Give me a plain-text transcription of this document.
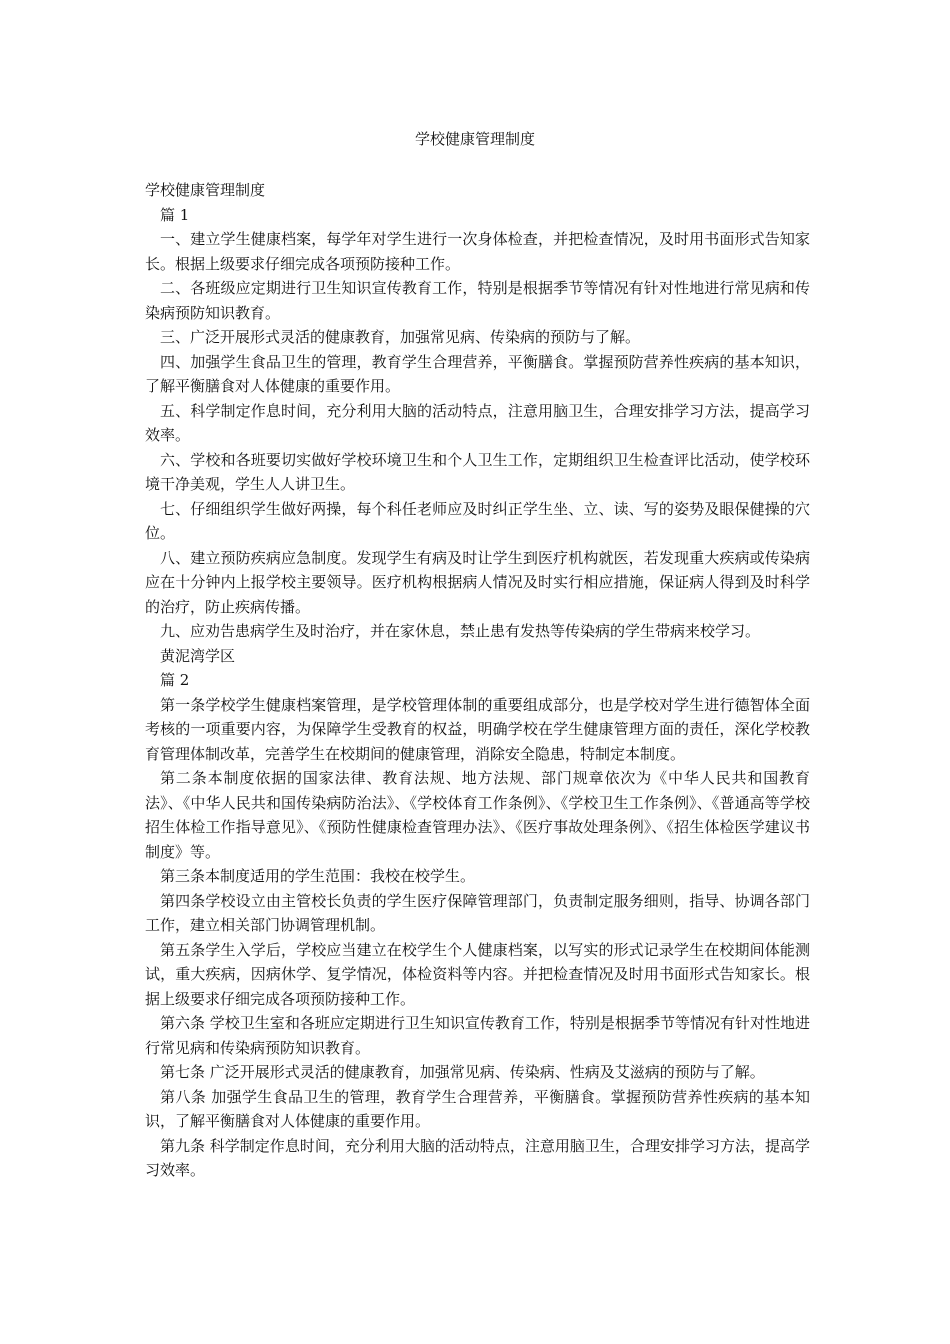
学校健康管理制度

学校健康管理制度

篇 1

一、建立学生健康档案，每学年对学生进行一次身体检查，并把检查情况，及时用书面形式告知家长。根据上级要求仔细完成各项预防接种工作。

二、各班级应定期进行卫生知识宣传教育工作，特别是根据季节等情况有针对性地进行常见病和传染病预防知识教育。

三、广泛开展形式灵活的健康教育，加强常见病、传染病的预防与了解。

四、加强学生食品卫生的管理，教育学生合理营养，平衡膳食。掌握预防营养性疾病的基本知识，了解平衡膳食对人体健康的重要作用。

五、科学制定作息时间，充分利用大脑的活动特点，注意用脑卫生，合理安排学习方法，提高学习效率。

六、学校和各班要切实做好学校环境卫生和个人卫生工作，定期组织卫生检查评比活动，使学校环境干净美观，学生人人讲卫生。

七、仔细组织学生做好两操，每个科任老师应及时纠正学生坐、立、读、写的姿势及眼保健操的穴位。

八、建立预防疾病应急制度。发现学生有病及时让学生到医疗机构就医，若发现重大疾病或传染病应在十分钟内上报学校主要领导。医疗机构根据病人情况及时实行相应措施，保证病人得到及时科学的治疗，防止疾病传播。

九、应劝告患病学生及时治疗，并在家休息，禁止患有发热等传染病的学生带病来校学习。

黄泥湾学区

篇 2

第一条学校学生健康档案管理，是学校管理体制的重要组成部分，也是学校对学生进行德智体全面考核的一项重要内容，为保障学生受教育的权益，明确学校在学生健康管理方面的责任，深化学校教育管理体制改革，完善学生在校期间的健康管理，消除安全隐患，特制定本制度。

第二条本制度依据的国家法律、教育法规、地方法规、部门规章依次为《中华人民共和国教育法》、《中华人民共和国传染病防治法》、《学校体育工作条例》、《学校卫生工作条例》、《普通高等学校招生体检工作指导意见》、《预防性健康检查管理办法》、《医疗事故处理条例》、《招生体检医学建议书制度》等。

第三条本制度适用的学生范围：我校在校学生。

第四条学校设立由主管校长负责的学生医疗保障管理部门，负责制定服务细则，指导、协调各部门工作，建立相关部门协调管理机制。

第五条学生入学后，学校应当建立在校学生个人健康档案，以写实的形式记录学生在校期间体能测试，重大疾病，因病休学、复学情况，体检资料等内容。并把检查情况及时用书面形式告知家长。根据上级要求仔细完成各项预防接种工作。

第六条 学校卫生室和各班应定期进行卫生知识宣传教育工作，特别是根据季节等情况有针对性地进行常见病和传染病预防知识教育。

第七条 广泛开展形式灵活的健康教育，加强常见病、传染病、性病及艾滋病的预防与了解。

第八条 加强学生食品卫生的管理，教育学生合理营养，平衡膳食。掌握预防营养性疾病的基本知识，了解平衡膳食对人体健康的重要作用。

第九条 科学制定作息时间，充分利用大脑的活动特点，注意用脑卫生，合理安排学习方法，提高学习效率。
